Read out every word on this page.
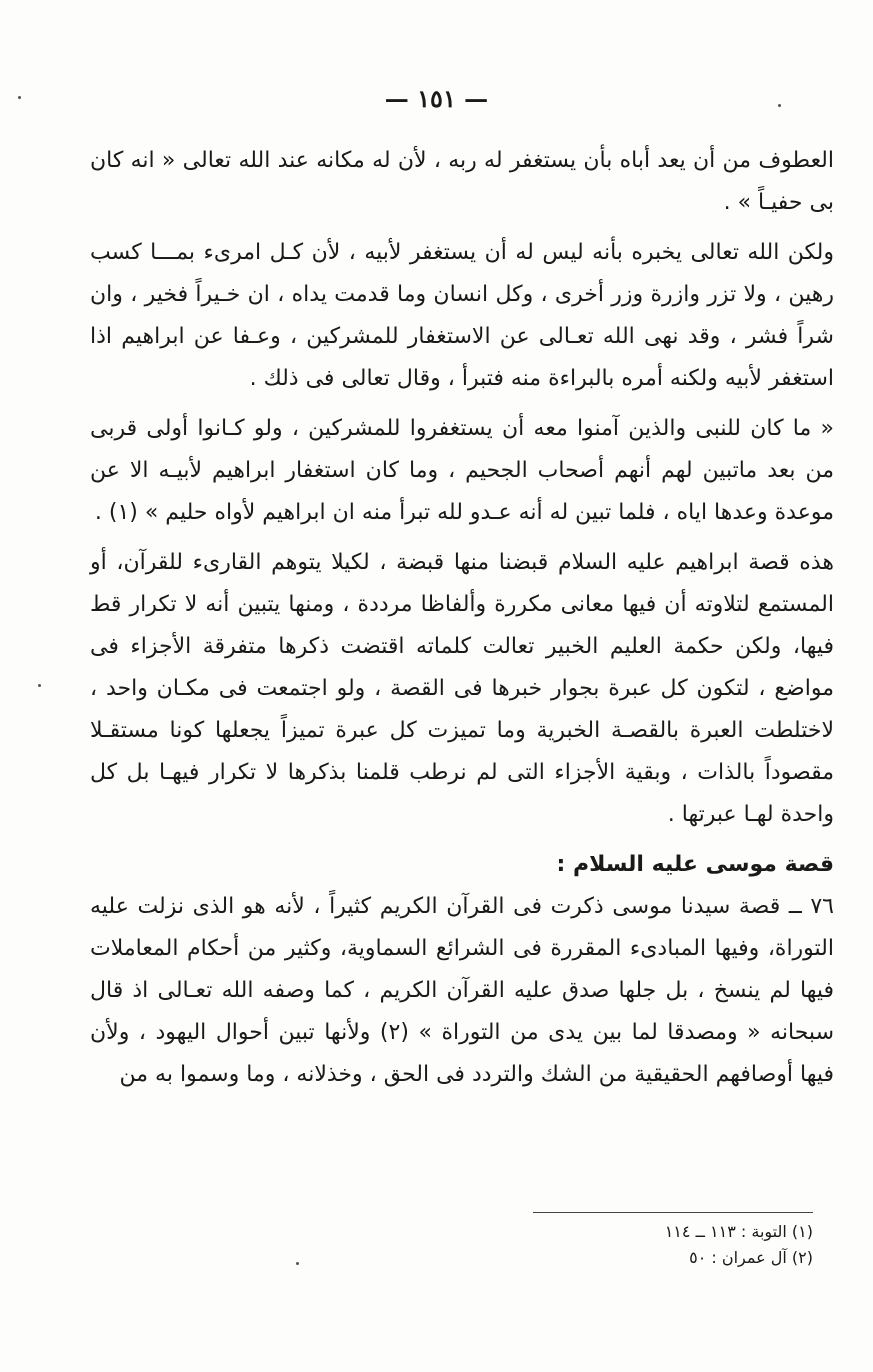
— ١٥١ —

العطوف من أن يعد أباه بأن يستغفر له ربه ، لأن له مكانه عند الله تعالى « انه كان بى حفيـاً » .

ولكن الله تعالى يخبره بأنه ليس له أن يستغفر لأبيه ، لأن كـل امرىء بمـــا كسب رهين ، ولا تزر وازرة وزر أخرى ، وكل انسان وما قدمت يداه ، ان خـيراً فخير ، وان شراً فشر ، وقد نهى الله تعـالى عن الاستغفار للمشركين ، وعـفا عن ابراهيم اذا استغفر لأبيه ولكنه أمره بالبراءة منه فتبرأ ، وقال تعالى فى ذلك .

« ما كان للنبى والذين آمنوا معه أن يستغفروا للمشركين ، ولو كـانوا أولى قربى من بعد ماتبين لهم أنهم أصحاب الجحيم ، وما كان استغفار ابراهيم لأبيـه الا عن موعدة وعدها اياه ، فلما تبين له أنه عـدو لله تبرأ منه ان ابراهيم لأواه حليم » (١) .

هذه قصة ابراهيم عليه السلام قبضنا منها قبضة ، لكيلا يتوهم القارىء للقرآن، أو المستمع لتلاوته أن فيها معانى مكررة وألفاظا مرددة ، ومنها يتبين أنه لا تكرار قط فيها، ولكن حكمة العليم الخبير تعالت كلماته اقتضت ذكرها متفرقة الأجزاء فى مواضع ، لتكون كل عبرة بجوار خبرها فى القصة ، ولو اجتمعت فى مكـان واحد ، لاختلطت العبرة بالقصـة الخبرية وما تميزت كل عبرة تميزاً يجعلها كونا مستقـلا مقصوداً بالذات ، وبقية الأجزاء التى لم نرطب قلمنا بذكرها لا تكرار فيهـا بل كل واحدة لهـا عبرتها .

قصة موسى عليه السلام :

٧٦ ــ قصة سيدنا موسى ذكرت فى القرآن الكريم كثيراً ، لأنه هو الذى نزلت عليه التوراة، وفيها المبادىء المقررة فى الشرائع السماوية، وكثير من أحكام المعاملات فيها لم ينسخ ، بل جلها صدق عليه القرآن الكريم ، كما وصفه الله تعـالى اذ قال سبحانه « ومصدقا لما بين يدى من التوراة » (٢) ولأنها تبين أحوال اليهود ، ولأن فيها أوصافهم الحقيقية من الشك والتردد فى الحق ، وخذلانه ، وما وسموا به من

(١) التوبة : ١١٣ ــ ١١٤
(٢) آل عمران : ٥٠
